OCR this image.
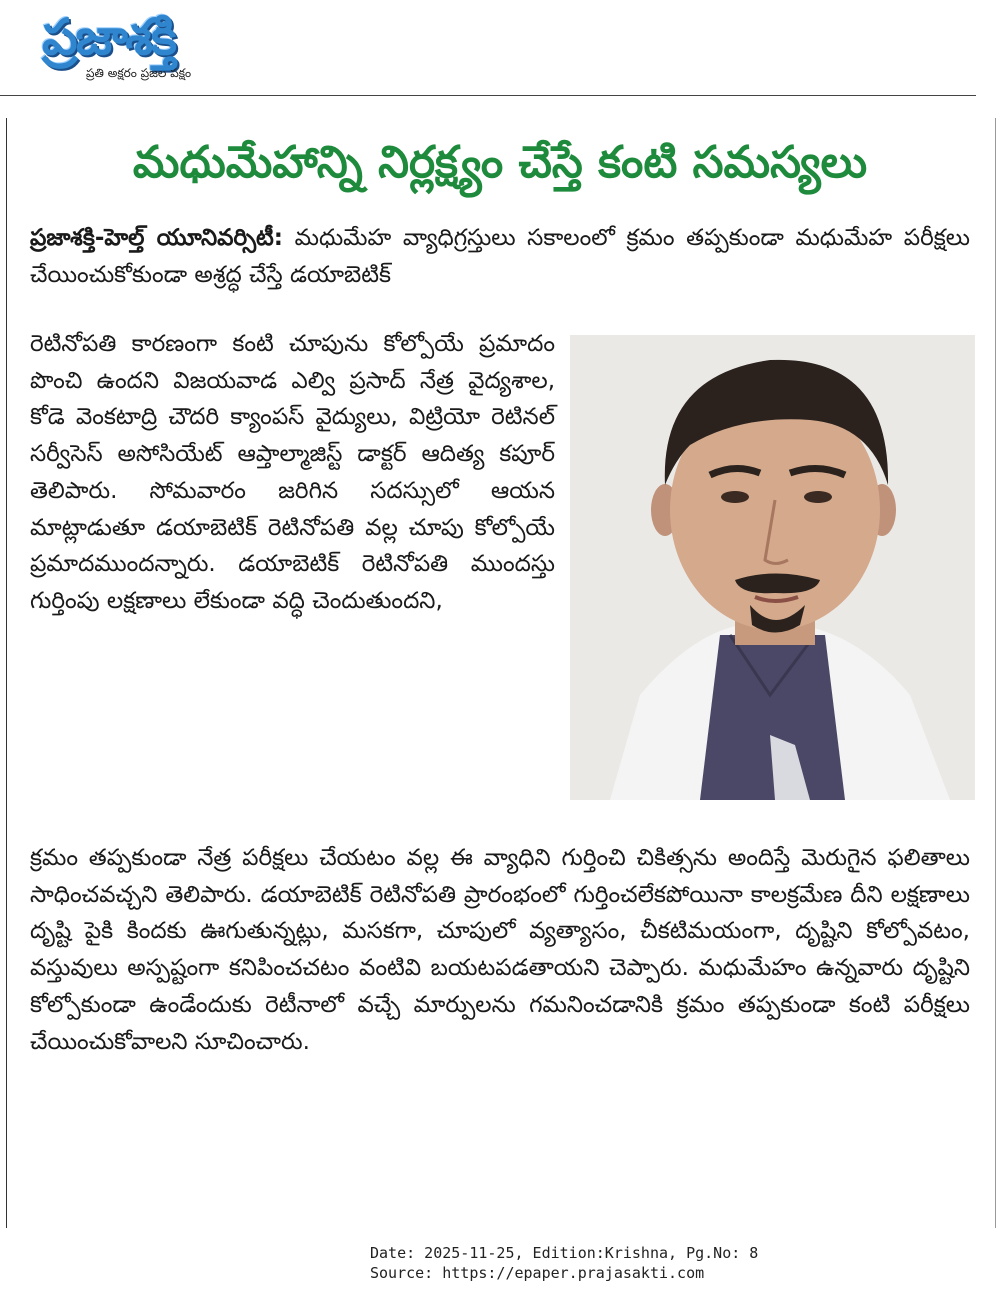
ప్రజాశక్తి
ప్రతి అక్షరం ప్రజల పక్షం
మధుమేహాన్ని నిర్లక్ష్యం చేస్తే కంటి సమస్యలు
ప్రజాశక్తి-హెల్త్ యూనివర్సిటీ: మధుమేహ వ్యాధిగ్రస్తులు సకాలంలో క్రమం తప్పకుండా మధుమేహ పరీక్షలు చేయించుకోకుండా అశ్రద్ధ చేస్తే డయాబెటిక్
రెటినోపతి కారణంగా కంటి చూపును కోల్పోయే ప్రమాదం పొంచి ఉందని విజయవాడ ఎల్వి ప్రసాద్ నేత్ర వైద్యశాల, కోడె వెంకటాద్రి చౌదరి క్యాంపస్ వైద్యులు, విట్రియో రెటినల్ సర్వీసెస్ అసోసియేట్ ఆప్తాల్మాజిస్ట్ డాక్టర్ ఆదిత్య కపూర్ తెలిపారు. సోమవారం జరిగిన సదస్సులో ఆయన మాట్లాడుతూ డయాబెటిక్ రెటినోపతి వల్ల చూపు కోల్పోయే ప్రమాదముందన్నారు. డయాబెటిక్ రెటినోపతి ముందస్తు గుర్తింపు లక్షణాలు లేకుండా వద్ధి చెందుతుందని,
క్రమం తప్పకుండా నేత్ర పరీక్షలు చేయటం వల్ల ఈ వ్యాధిని గుర్తించి చికిత్సను అందిస్తే మెరుగైన ఫలితాలు సాధించవచ్చని తెలిపారు. డయాబెటిక్ రెటినోపతి ప్రారంభంలో గుర్తించలేకపోయినా కాలక్రమేణ దీని లక్షణాలు దృష్టి పైకి కిందకు ఊగుతున్నట్లు, మసకగా, చూపులో వ్యత్యాసం, చీకటిమయంగా, దృష్టిని కోల్పోవటం, వస్తువులు అస్పష్టంగా కనిపించచటం వంటివి బయటపడతాయని చెప్పారు. మధుమేహం ఉన్నవారు దృష్టిని కోల్పోకుండా ఉండేందుకు రెటీనాలో వచ్చే మార్పులను గమనించడానికి క్రమం తప్పకుండా కంటి పరీక్షలు చేయించుకోవాలని సూచించారు.
Date: 2025-11-25, Edition:Krishna, Pg.No: 8
Source: https://epaper.prajasakti.com
